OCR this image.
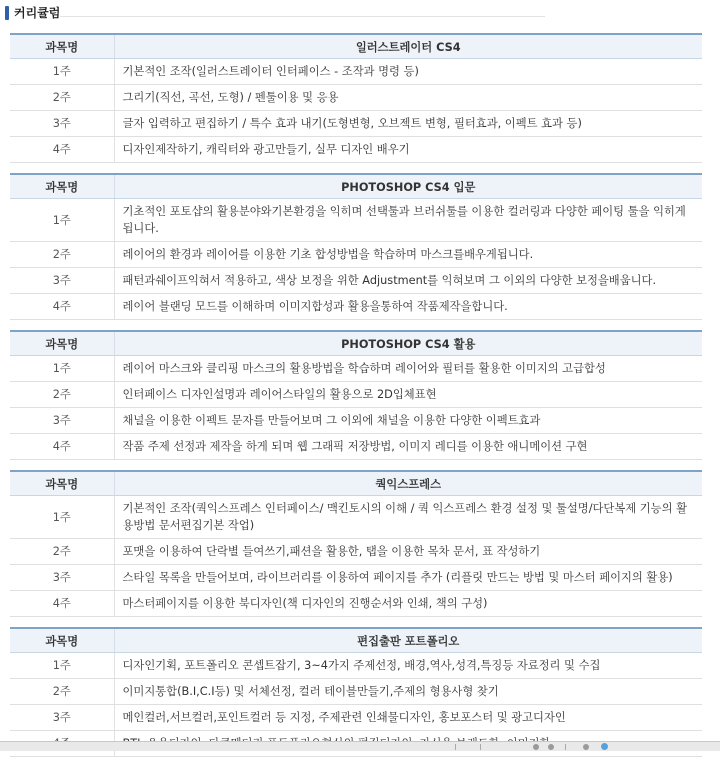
커리큘럼
과목명	일러스트레이터 CS4
1주	기본적인 조작(일러스트레이터 인터페이스 - 조작과 명령 등)
2주	그리기(직선, 곡선, 도형) / 펜툴이용 및 응용
3주	글자 입력하고 편집하기 / 특수 효과 내기(도형변형, 오브젝트 변형, 필터효과, 이펙트 효과 등)
4주	디자인제작하기, 캐릭터와 광고만들기, 실무 디자인 배우기
과목명	PHOTOSHOP CS4 입문
1주	기초적인 포토샵의 활용분야와기본환경을 익히며 선택툴과 브러쉬툴를 이용한 컬러링과 다양한 페이팅 툴을 익히게 됩니다.
2주	레이어의 환경과 레이어를 이용한 기초 합성방법을 학습하며 마스크를배우게됩니다.
3주	패턴과쉐이프익혀서 적용하고, 색상 보정을 위한 Adjustment를 익혀보며 그 이외의 다양한 보정을배웁니다.
4주	레이어 블랜딩 모드를 이해하며 이미지합성과 활용을통하여 작품제작을합니다.
과목명	PHOTOSHOP CS4 활용
1주	레이어 마스크와 클리핑 마스크의 활용방법을 학습하며 레이어와 필터를 활용한 이미지의 고급합성
2주	인터페이스 디자인설명과 레이어스타일의 활용으로 2D입체표현
3주	채널을 이용한 이펙트 문자를 만들어보며 그 이외에 채널을 이용한 다양한 이펙트효과
4주	작품 주제 선정과 제작을 하게 되며 웹 그래픽 저장방법, 이미지 레디를 이용한 애니메이션 구현
과목명	쿽익스프레스
1주	기본적인 조작(쿽익스프레스 인터페이스/ 맥킨토시의 이해 / 쿽 익스프레스 환경 설정 및 툴설명/다단복제 기능의 활용방법 문서편집기본 작업)
2주	포맷을 이용하여 단락별 들여쓰기,패션을 활용한, 탭을 이용한 목차 문서, 표 작성하기
3주	스타일 목록을 만들어보며, 라이브러리를 이용하여 페이지를 추가 (리플릿 만드는 방법 및 마스터 페이지의 활용)
4주	마스터페이지를 이용한 북디자인(책 디자인의 진행순서와 인쇄, 책의 구성)
과목명	편집출판 포트폴리오
1주	디자인기획, 포트폴리오 콘셉트잡기, 3~4가지 주제선정, 배경,역사,성격,특징등 자료정리 및 수집
2주	이미지통합(B.I,C.I등) 및 서체선정, 컬러 테이블만들기,주제의 형용사형 찾기
3주	메인컬러,서브컬러,포인트컬러 등 지정, 주제관련 인쇄물디자인, 홍보포스터 및 광고디자인
